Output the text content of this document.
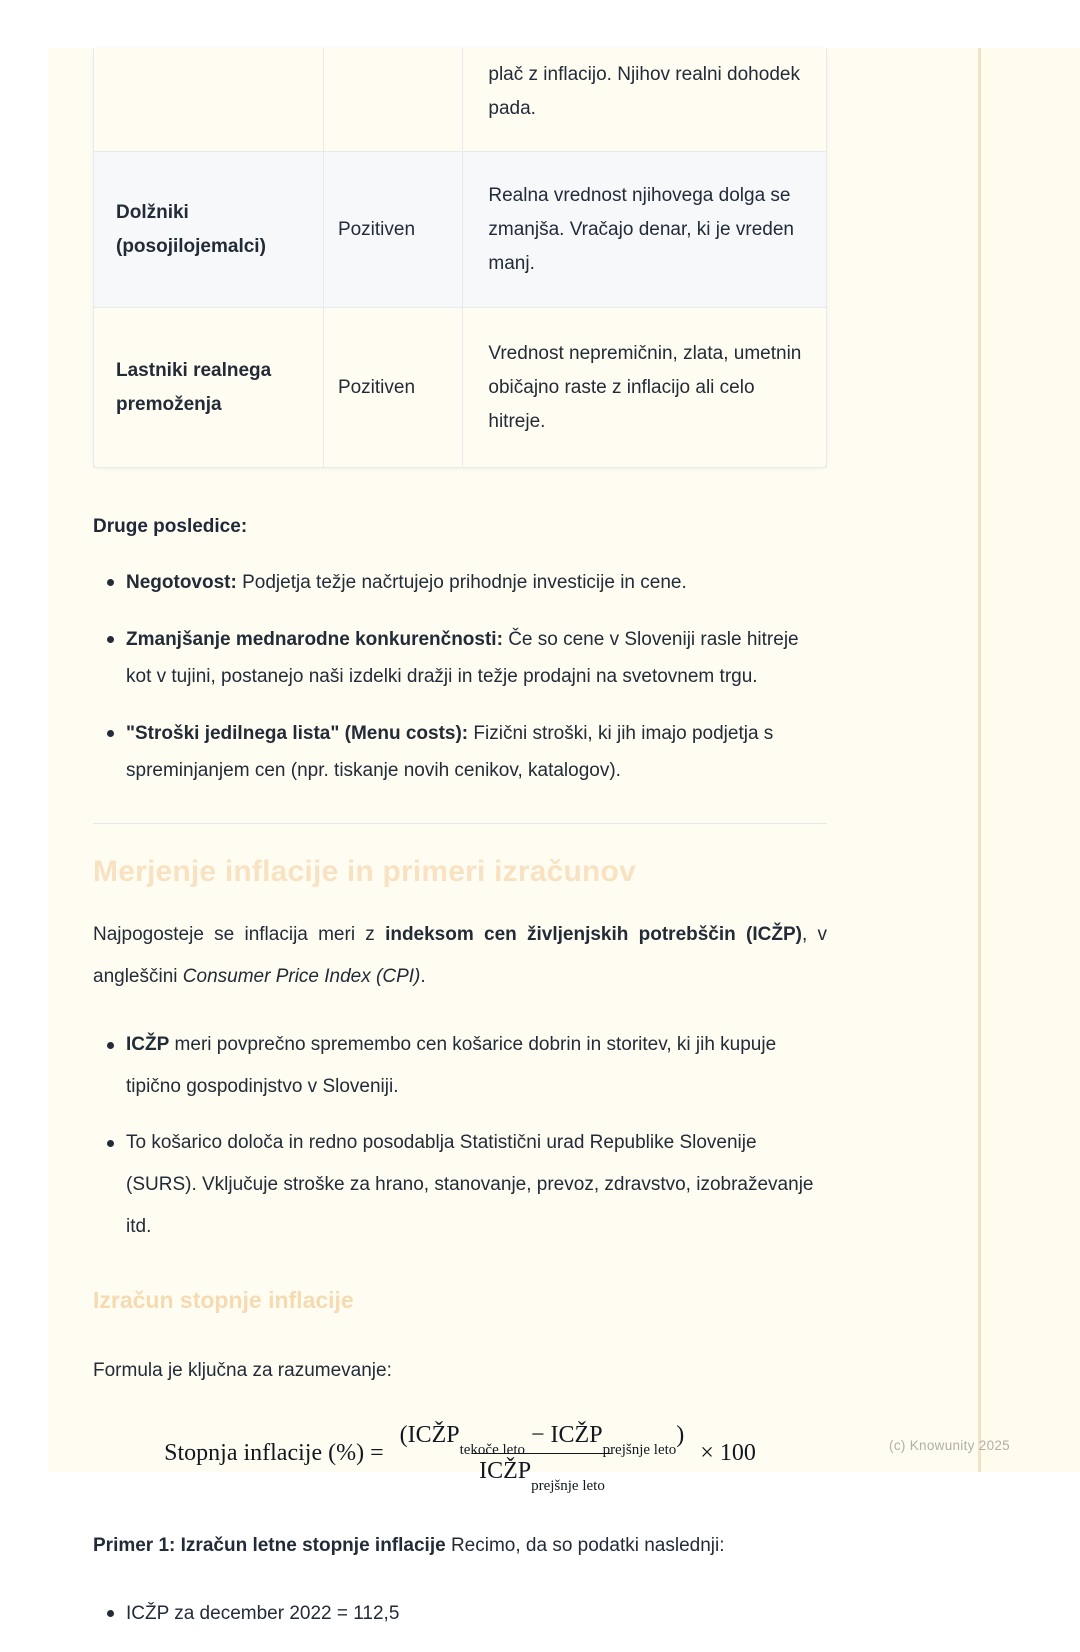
		plač z inflacijo. Njihov realni dohodek pada.
Dolžniki (posojilojemalci)	Pozitiven	Realna vrednost njihovega dolga se zmanjša. Vračajo denar, ki je vreden manj.
Lastniki realnega premoženja	Pozitiven	Vrednost nepremičnin, zlata, umetnin običajno raste z inflacijo ali celo hitreje.

Druge posledice:

Negotovost: Podjetja težje načrtujejo prihodnje investicije in cene.
Zmanjšanje mednarodne konkurenčnosti: Če so cene v Sloveniji rasle hitreje kot v tujini, postanejo naši izdelki dražji in težje prodajni na svetovnem trgu.
"Stroški jedilnega lista" (Menu costs): Fizični stroški, ki jih imajo podjetja s spreminjanjem cen (npr. tiskanje novih cenikov, katalogov).
Merjenje inflacije in primeri izračunov

Najpogosteje se inflacija meri z indeksom cen življenjskih potrebščin (ICŽP), v angleščini Consumer Price Index (CPI).

ICŽP meri povprečno spremembo cen košarice dobrin in storitev, ki jih kupuje tipično gospodinjstvo v Sloveniji.
To košarico določa in redno posodablja Statistični urad Republike Slovenije (SURS). Vključuje stroške za hrano, stanovanje, prevoz, zdravstvo, izobraževanje itd.
Izračun stopnje inflacije

Formula je ključna za razumevanje:

Stopnja inflacije (%) = $\frac{(ICŽP_{tekoče leto}- ICŽP_{prejšnje leto})}{ICŽP_{prejšnje leto}} \times 100$

Primer 1: Izračun letne stopnje inflacije Recimo, da so podatki naslednji:

ICŽP za december 2022 = 112,5
(c) Knowunity 2025
